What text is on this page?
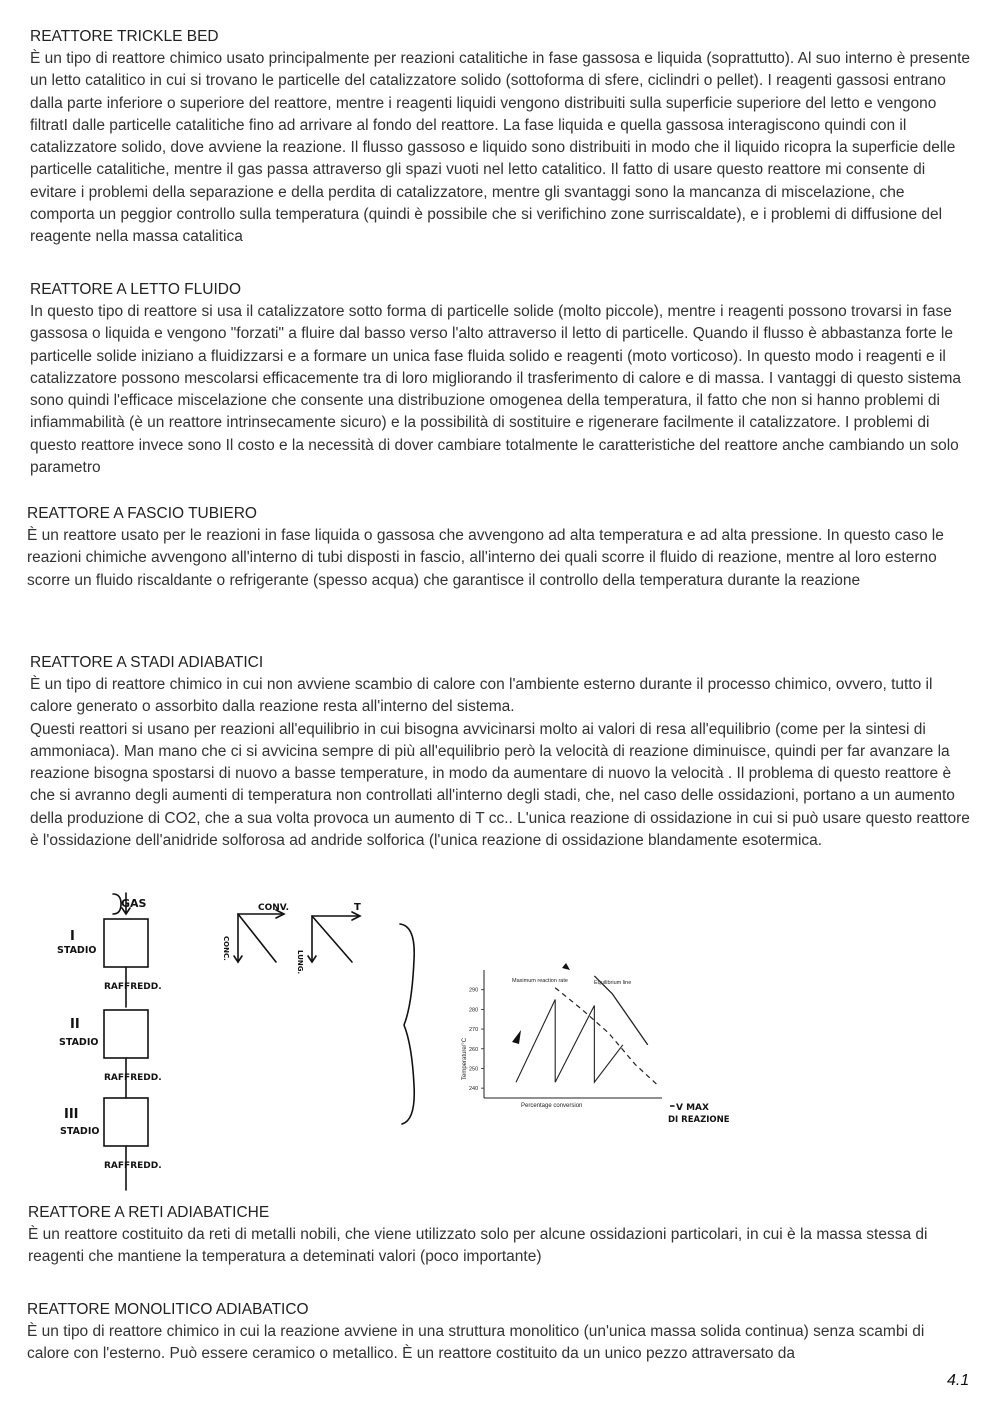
REATTORE TRICKLE BED

È un tipo di reattore chimico usato principalmente per reazioni catalitiche in fase gassosa e liquida (soprattutto). Al suo interno è presente un letto catalitico in cui si trovano le particelle del catalizzatore solido (sottoforma di sfere, ciclindri o pellet). I reagenti gassosi entrano dalla parte inferiore o superiore del reattore, mentre i reagenti liquidi vengono distribuiti sulla superficie superiore del letto e vengono filtratI dalle particelle catalitiche fino ad arrivare al fondo del reattore. La fase liquida e quella gassosa interagiscono quindi con il catalizzatore solido, dove avviene la reazione. Il flusso gassoso e liquido sono distribuiti in modo che il liquido ricopra la superficie delle particelle catalitiche, mentre il gas passa attraverso gli spazi vuoti nel letto catalitico. Il fatto di usare questo reattore mi consente di evitare i problemi della separazione e della perdita di catalizzatore, mentre gli svantaggi sono la mancanza di miscelazione, che comporta un peggior controllo sulla temperatura (quindi è possibile che si verifichino zone surriscaldate), e i problemi di diffusione del reagente nella massa catalitica

REATTORE A LETTO FLUIDO

In questo tipo di reattore si usa il catalizzatore sotto forma di particelle solide (molto piccole), mentre i reagenti possono trovarsi in fase gassosa o liquida e vengono "forzati" a fluire dal basso verso l'alto attraverso il letto di particelle. Quando il flusso è abbastanza forte le particelle solide iniziano a fluidizzarsi e a formare un unica fase fluida solido e reagenti (moto vorticoso). In questo modo i reagenti e il catalizzatore possono mescolarsi efficacemente tra di loro migliorando il trasferimento di calore e di massa. I vantaggi di questo sistema sono quindi l'efficace miscelazione che consente una distribuzione omogenea della temperatura, il fatto che non si hanno problemi di infiammabilità (è un reattore intrinsecamente sicuro) e la possibilità di sostituire e rigenerare facilmente il catalizzatore. I problemi di questo reattore invece sono Il costo e la necessità di dover cambiare totalmente le caratteristiche del reattore anche cambiando un solo parametro

REATTORE A FASCIO TUBIERO

È un reattore usato per le reazioni in fase liquida o gassosa che avvengono ad alta temperatura e ad alta pressione. In questo caso le reazioni chimiche avvengono all'interno di tubi disposti in fascio, all'interno dei quali scorre il fluido di reazione, mentre al loro esterno scorre un fluido riscaldante o refrigerante (spesso acqua) che garantisce il controllo della temperatura durante la reazione

REATTORE A STADI ADIABATICI

È un tipo di reattore chimico in cui non avviene scambio di calore con l'ambiente esterno durante il processo chimico, ovvero, tutto il calore generato o assorbito dalla reazione resta all'interno del sistema.

Questi reattori si usano per reazioni all'equilibrio in cui bisogna avvicinarsi molto ai valori di resa all'equilibrio (come per la sintesi di ammoniaca). Man mano che ci si avvicina sempre di più all'equilibrio però la velocità di reazione diminuisce, quindi per far avanzare la reazione bisogna spostarsi di nuovo a basse temperature, in modo da aumentare di nuovo la velocità . Il problema di questo reattore è che si avranno degli aumenti di temperatura non controllati all'interno degli stadi, che, nel caso delle ossidazioni, portano a un aumento della produzione di CO2, che a sua volta provoca un aumento di T cc.. L'unica reazione di ossidazione in cui si può usare questo reattore è l'ossidazione dell'anidride solforosa ad andride solforica (l'unica reazione di ossidazione blandamente esotermica.

GAS
I
STADIO
RAFFREDD.
II
STADIO
RAFFREDD.
III
STADIO
RAFFREDD.
CONV.	T
CONC.
LUNG.
V MAX
DI REAZIONE
240
250
260
270
280
290
Temperature/°C
Percentage conversion
Maximum reaction rate	Equilibrium line
REATTORE A RETI ADIABATICHE

È un reattore costituito da reti di metalli nobili, che viene utilizzato solo per alcune ossidazioni particolari, in cui è la massa stessa di reagenti che mantiene la temperatura a deteminati valori (poco importante)

REATTORE MONOLITICO ADIABATICO

È un tipo di reattore chimico in cui la reazione avviene in una struttura monolitico (un'unica massa solida continua) senza scambi di calore con l'esterno. Può essere ceramico o metallico. È un reattore costituito da un unico pezzo attraversato da

4.1
